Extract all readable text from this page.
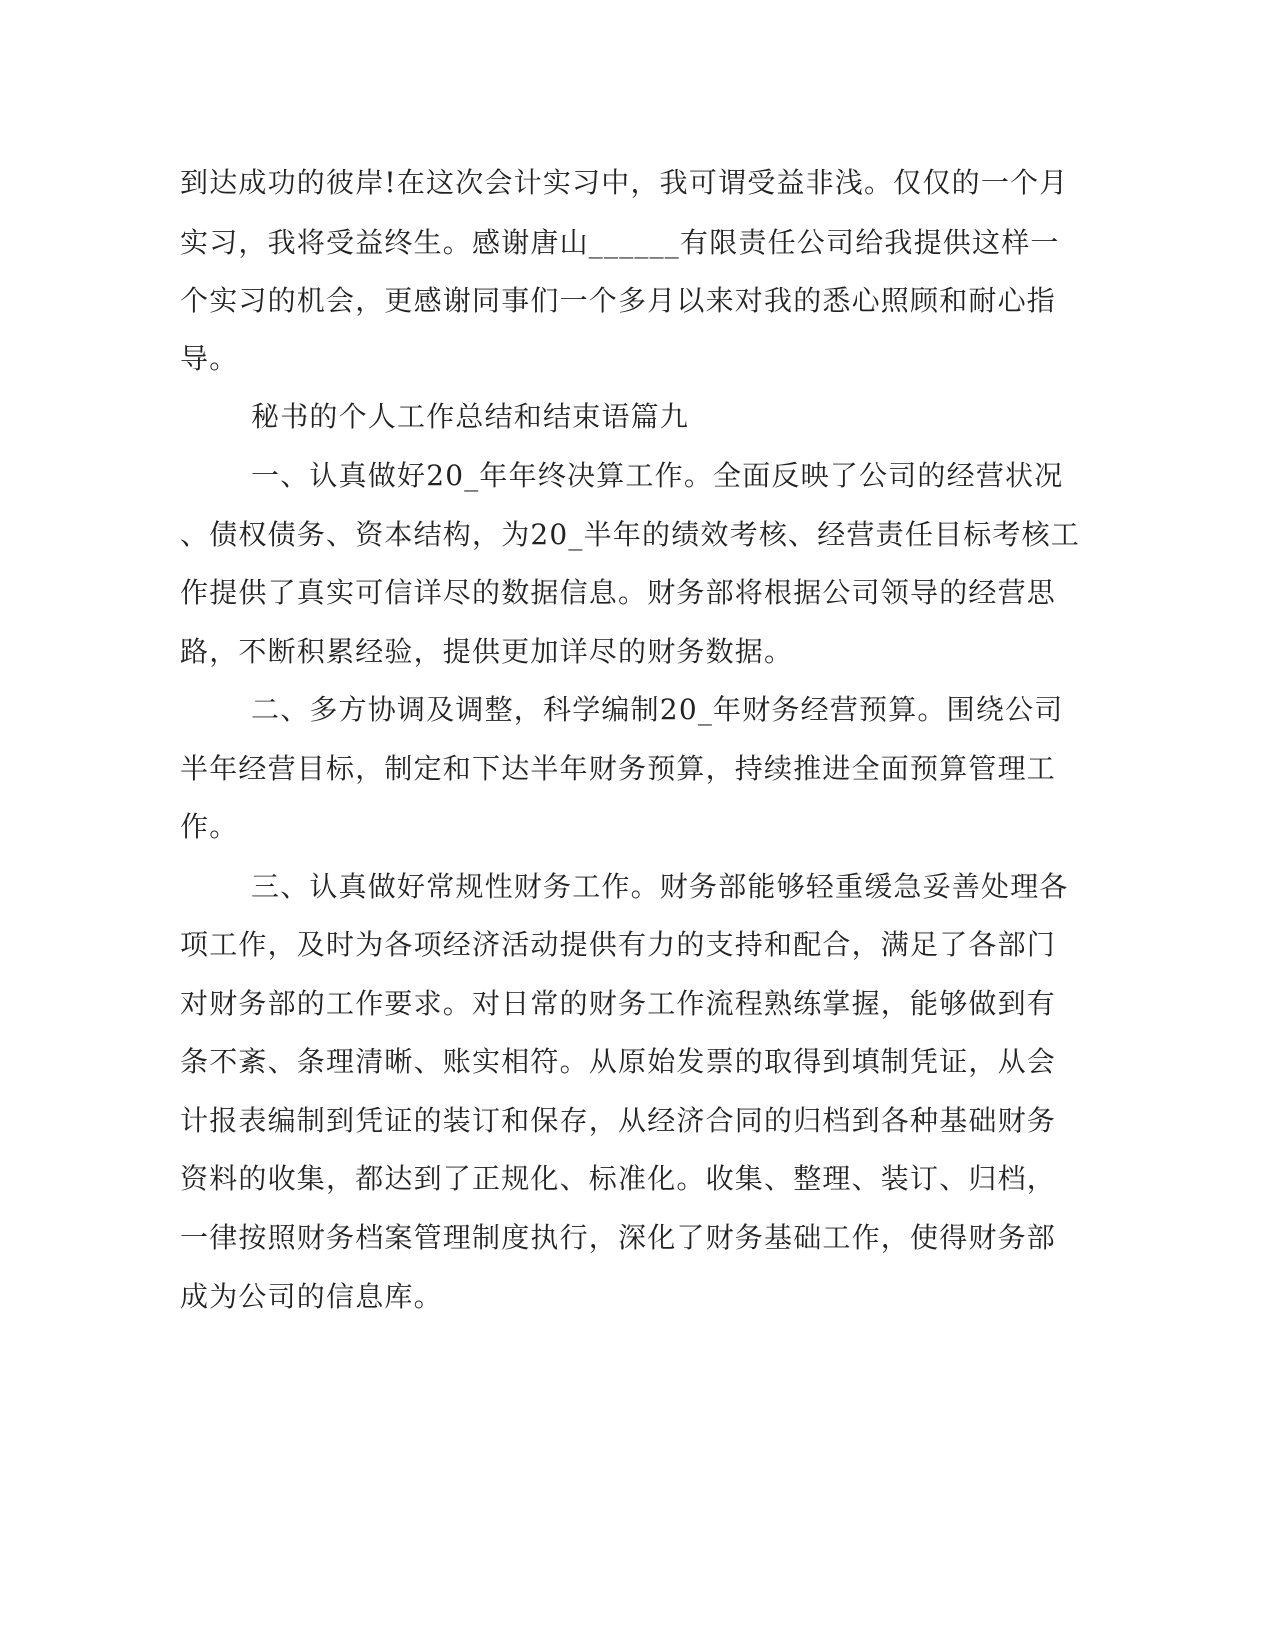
到达成功的彼岸!在这次会计实习中，我可谓受益非浅。仅仅的一个月
实习，我将受益终生。感谢唐山______有限责任公司给我提供这样一
个实习的机会，更感谢同事们一个多月以来对我的悉心照顾和耐心指
导。
秘书的个人工作总结和结束语篇九
一、认真做好20_年年终决算工作。全面反映了公司的经营状况
、债权债务、资本结构，为20_半年的绩效考核、经营责任目标考核工
作提供了真实可信详尽的数据信息。财务部将根据公司领导的经营思
路，不断积累经验，提供更加详尽的财务数据。
二、多方协调及调整，科学编制20_年财务经营预算。围绕公司
半年经营目标，制定和下达半年财务预算，持续推进全面预算管理工
作。
三、认真做好常规性财务工作。财务部能够轻重缓急妥善处理各
项工作，及时为各项经济活动提供有力的支持和配合，满足了各部门
对财务部的工作要求。对日常的财务工作流程熟练掌握，能够做到有
条不紊、条理清晰、账实相符。从原始发票的取得到填制凭证，从会
计报表编制到凭证的装订和保存，从经济合同的归档到各种基础财务
资料的收集，都达到了正规化、标准化。收集、整理、装订、归档，
一律按照财务档案管理制度执行，深化了财务基础工作，使得财务部
成为公司的信息库。
